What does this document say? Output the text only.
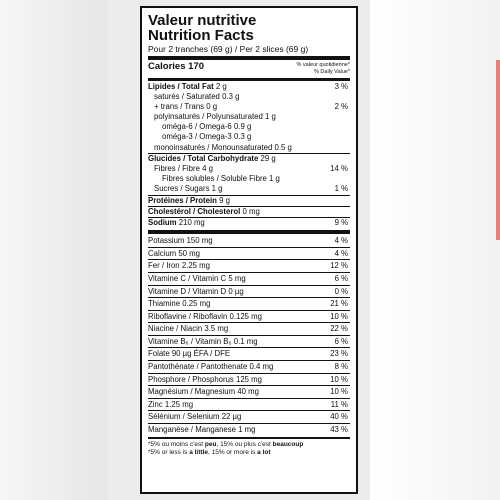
Valeur nutritive
Nutrition Facts
Pour 2 tranches (69 g) / Per 2 slices (69 g)
Calories 170	% valeur quotidienne*
% Daily Value*
Lipides / Total Fat 2 g	3 %
saturés / Saturated 0.3 g
+ trans / Trans 0 g	2 %
polyinsaturés / Polyunsaturated 1 g
oméga-6 / Omega-6 0.9 g
oméga-3 / Omega-3 0.3 g
monoinsaturés / Monounsaturated 0.5 g
Glucides / Total Carbohydrate 29 g
Fibres / Fibre 4 g	14 %
Fibres solubles / Soluble Fibre 1 g
Sucres / Sugars 1 g	1 %
Protéines / Protein 9 g
Cholestérol / Cholesterol 0 mg
Sodium 210 mg	9 %
Potassium 150 mg	4 %
Calcium 50 mg	4 %
Fer / Iron 2.25 mg	12 %
Vitamine C / Vitamin C 5 mg	6 %
Vitamine D / Vitamin D 0 µg	0 %
Thiamine 0.25 mg	21 %
Riboflavine / Riboflavin 0.125 mg	10 %
Niacine / Niacin 3.5 mg	22 %
Vitamine B₆ / Vitamin B₆ 0.1 mg	6 %
Folate 90 µg ÉFA / DFE	23 %
Pantothénate / Pantothenate 0.4 mg	8 %
Phosphore / Phosphorus 125 mg	10 %
Magnésium / Magnesium 40 mg	10 %
Zinc 1.25 mg	11 %
Sélénium / Selenium 22 µg	40 %
Manganèse / Manganese 1 mg	43 %
*5% ou moins c'est peu, 15% ou plus c'est beaucoup
*5% or less is a little, 15% or more is a lot
